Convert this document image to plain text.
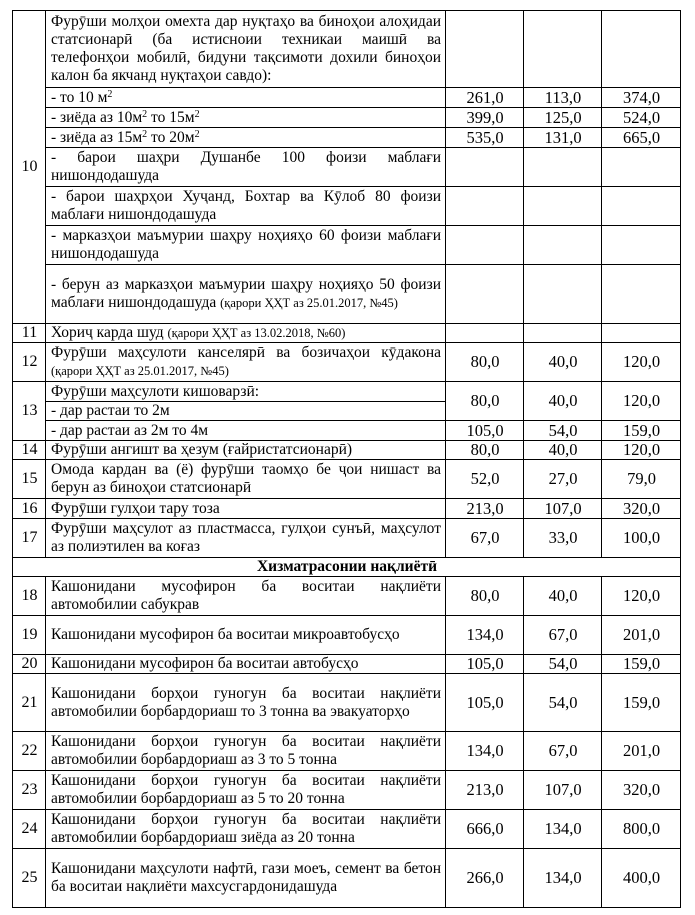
10	Фурӯши молҳои омехта дар нуқтаҳо ва биноҳои алоҳидаи статсионарӣ (ба истисноии техникаи маишӣ ва телефонҳои мобилӣ, бидуни тақсимоти дохили биноҳои калон ба якчанд нуқтаҳои савдо):			
	- то 10 $м^2$	261,0	113,0	374,0
	- зиёда аз $10м^2$ то $15м^2$	399,0	125,0	524,0
	- зиёда аз $15м^2$ то $20м^2$	535,0	131,0	665,0
	- барои шаҳри Душанбе 100 фоизи маблағи нишондодашуда			
	- барои шаҳрҳои Хуҷанд, Бохтар ва Кӯлоб 80 фоизи маблағи нишондодашуда			
	- марказҳои маъмурии шаҳру ноҳияҳо 60 фоизи маблағи нишондодашуда			
	- берун аз марказҳои маъмурии шаҳру ноҳияҳо 50 фоизи маблағи нишондодашуда (қарори ҲҲТ аз 25.01.2017, №45)			
11	Хориҷ карда шуд (қарори ҲҲТ аз 13.02.2018, №60)			
12	Фурӯши маҳсулоти канселярӣ ва бозичаҳои кӯдакона (қарори ҲҲТ аз 25.01.2017, №45)	80,0	40,0	120,0
13	Фурӯши маҳсулоти кишоварзӣ:	80,0	40,0	120,0
	- дар растаи то 2м			
	- дар растаи аз 2м то 4м	105,0	54,0	159,0
14	Фурӯши ангишт ва ҳезум (ғайристатсионарӣ)	80,0	40,0	120,0
15	Омода кардан ва (ё) фурӯши таомҳо бе ҷои нишаст ва берун аз биноҳои статсионарӣ	52,0	27,0	79,0
16	Фурӯши гулҳои тару тоза	213,0	107,0	320,0
17	Фурӯши маҳсулот аз пластмасса, гулҳои сунъӣ, маҳсулот аз полиэтилен ва коғаз	67,0	33,0	100,0
Хизматрасонии нақлиётӣ				
18	Кашонидани мусофирон ба воситаи нақлиёти автомобилии сабукрав	80,0	40,0	120,0
19	Кашонидани мусофирон ба воситаи микроавтобусҳо	134,0	67,0	201,0
20	Кашонидани мусофирон ба воситаи автобусҳо	105,0	54,0	159,0
21	Кашонидани борҳои гуногун ба воситаи нақлиёти автомобилии борбардориаш то 3 тонна ва эвакуаторҳо	105,0	54,0	159,0
22	Кашонидани борҳои гуногун ба воситаи нақлиёти автомобилии борбардориаш аз 3 то 5 тонна	134,0	67,0	201,0
23	Кашонидани борҳои гуногун ба воситаи нақлиёти автомобилии борбардориаш аз 5 то 20 тонна	213,0	107,0	320,0
24	Кашонидани борҳои гуногун ба воситаи нақлиёти автомобилии борбардориаш зиёда аз 20 тонна	666,0	134,0	800,0
25	Кашонидани маҳсулоти нафтӣ, гази моеъ, семент ва бетон ба воситаи нақлиёти махсусгардонидашуда	266,0	134,0	400,0
